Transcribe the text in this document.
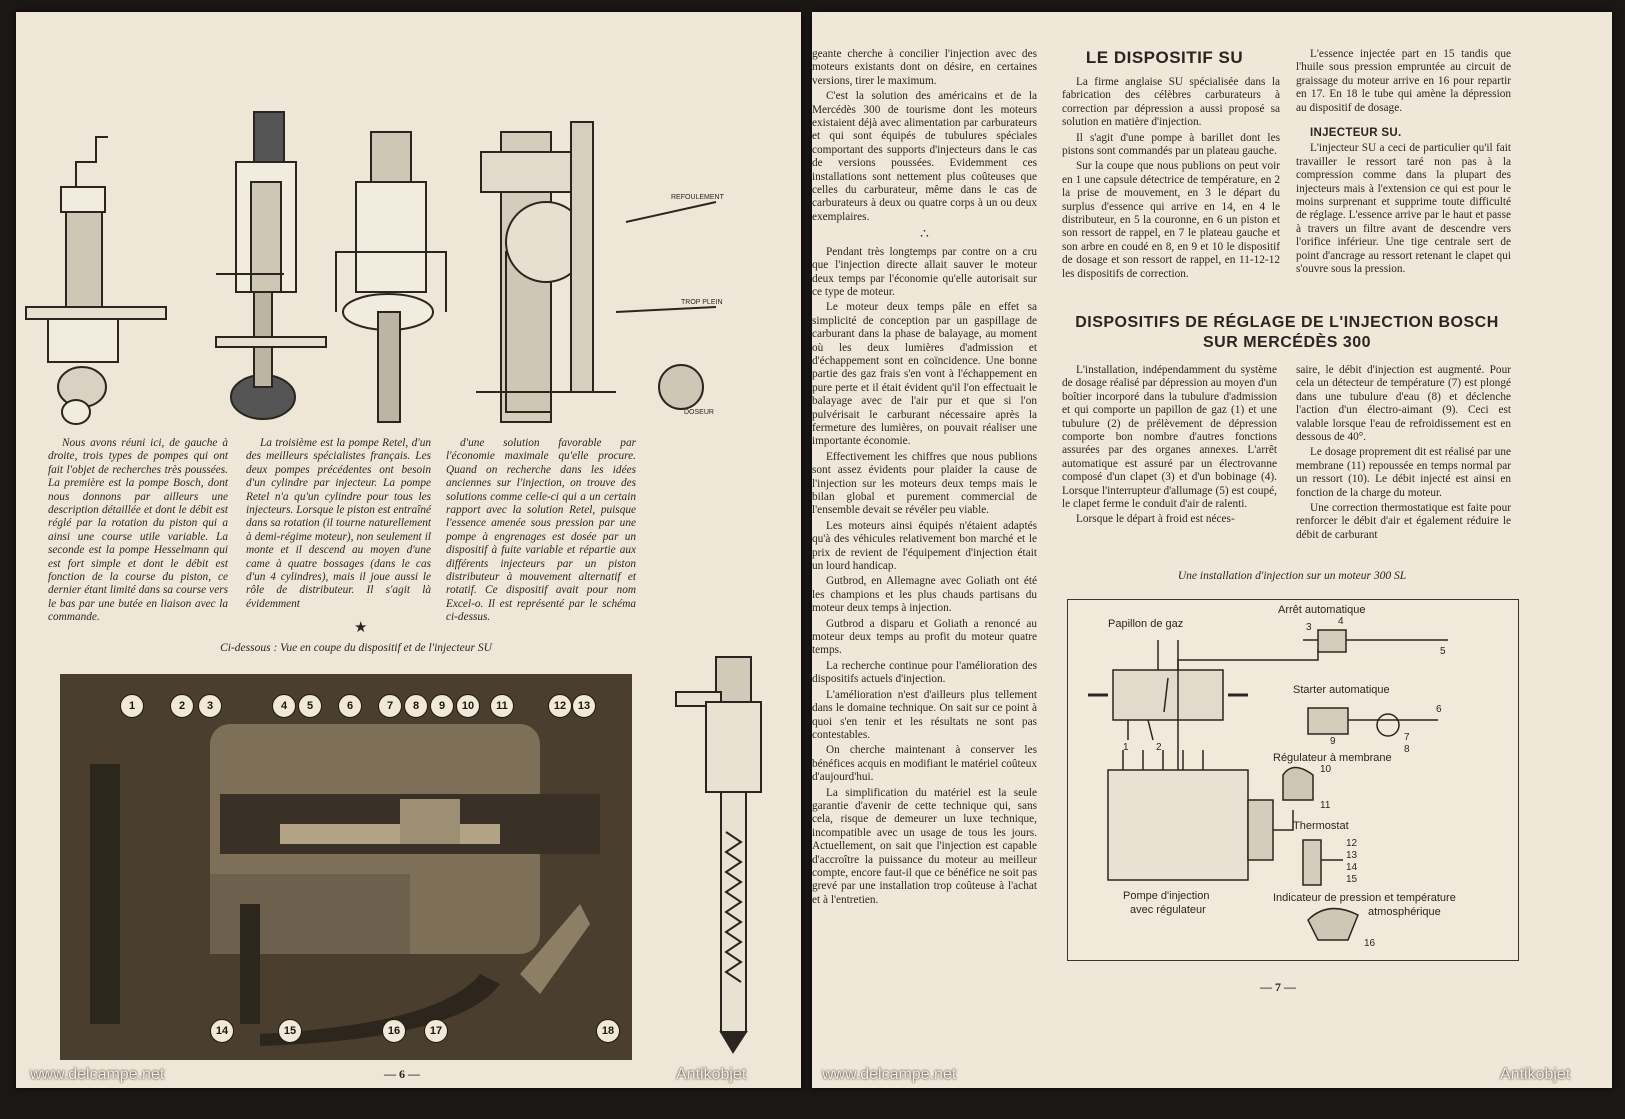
REFOULEMENT
TROP PLEIN
DOSEUR

Nous avons réuni ici, de gauche à droite, trois types de pompes qui ont fait l'objet de recherches très poussées. La première est la pompe Bosch, dont nous donnons par ailleurs une description détaillée et dont le débit est réglé par la rotation du piston qui a ainsi une course utile variable. La seconde est la pompe Hesselmann qui est fort simple et dont le débit est fonction de la course du piston, ce dernier étant limité dans sa course vers le bas par une butée en liaison avec la commande.

La troisième est la pompe Retel, d'un des meilleurs spécialistes français. Les deux pompes précédentes ont besoin d'un cylindre par injecteur. La pompe Retel n'a qu'un cylindre pour tous les injecteurs. Lorsque le piston est entraîné dans sa rotation (il tourne naturellement à demi-régime moteur), non seulement il monte et il descend au moyen d'une came à quatre bossages (dans le cas d'un 4 cylindres), mais il joue aussi le rôle de distributeur. Il s'agit là évidemment

d'une solution favorable par l'économie maximale qu'elle procure. Quand on recherche dans les idées anciennes sur l'injection, on trouve des solutions comme celle-ci qui a un certain rapport avec la solution Retel, puisque l'essence amenée sous pression par une pompe à engrenages est dosée par un dispositif à fuite variable et répartie aux différents injecteurs par un piston distributeur à mouvement alternatif et rotatif. Ce dispositif avait pour nom Excel-o. Il est représenté par le schéma ci-dessus.

★
Ci-dessous : Vue en coupe du dispositif et de l'injecteur SU
1	2	3	4	5	6	7	8	9	10	11	12	13
14	15	16	17	18
— 6 —
www.delcampe.net	Antikobjet

geante cherche à concilier l'injection avec des moteurs existants dont on désire, en certaines versions, tirer le maximum.

C'est la solution des américains et de la Mercédès 300 de tourisme dont les moteurs existaient déjà avec alimentation par carburateurs et qui sont équipés de tubulures spéciales comportant des supports d'injecteurs dans le cas de versions poussées. Evidemment ces installations sont nettement plus coûteuses que celles du carburateur, même dans le cas de carburateurs à deux ou quatre corps à un ou deux exemplaires.

∴

Pendant très longtemps par contre on a cru que l'injection directe allait sauver le moteur deux temps par l'économie qu'elle autorisait sur ce type de moteur.

Le moteur deux temps pâle en effet sa simplicité de conception par un gaspillage de carburant dans la phase de balayage, au moment où les deux lumières d'admission et d'échappement sont en coïncidence. Une bonne partie des gaz frais s'en vont à l'échappement en pure perte et il était évident qu'il l'on effectuait le balayage avec de l'air pur et que si l'on pulvérisait le carburant nécessaire après la fermeture des lumières, on pouvait réaliser une importante économie.

Effectivement les chiffres que nous publions sont assez évidents pour plaider la cause de l'injection sur les moteurs deux temps mais le bilan global et purement commercial de l'ensemble devait se révéler peu viable.

Les moteurs ainsi équipés n'étaient adaptés qu'à des véhicules relativement bon marché et le prix de revient de l'équipement d'injection était un lourd handicap.

Gutbrod, en Allemagne avec Goliath ont été les champions et les plus chauds partisans du moteur deux temps à injection.

Gutbrod a disparu et Goliath a renoncé au moteur deux temps au profit du moteur quatre temps.

La recherche continue pour l'amélioration des dispositifs actuels d'injection.

L'amélioration n'est d'ailleurs plus tellement dans le domaine technique. On sait sur ce point à quoi s'en tenir et les résultats ne sont pas contestables.

On cherche maintenant à conserver les bénéfices acquis en modifiant le matériel coûteux d'aujourd'hui.

La simplification du matériel est la seule garantie d'avenir de cette technique qui, sans cela, risque de demeurer un luxe technique, incompatible avec un usage de tous les jours. Actuellement, on sait que l'injection est capable d'accroître la puissance du moteur au meilleur compte, encore faut-il que ce bénéfice ne soit pas grevé par une installation trop coûteuse à l'achat et à l'entretien.

LE DISPOSITIF SU

La firme anglaise SU spécialisée dans la fabrication des célèbres carburateurs à correction par dépression a aussi proposé sa solution en matière d'injection.

Il s'agit d'une pompe à barillet dont les pistons sont commandés par un plateau gauche.

Sur la coupe que nous publions on peut voir en 1 une capsule détectrice de température, en 2 la prise de mouvement, en 3 le départ du surplus d'essence qui arrive en 14, en 4 le distributeur, en 5 la couronne, en 6 un piston et son ressort de rappel, en 7 le plateau gauche et son arbre en coudé en 8, en 9 et 10 le dispositif de dosage et son ressort de rappel, en 11-12-12 les dispositifs de correction.

L'essence injectée part en 15 tandis que l'huile sous pression empruntée au circuit de graissage du moteur arrive en 16 pour repartir en 17. En 18 le tube qui amène la dépression au dispositif de dosage.

INJECTEUR SU.

L'injecteur SU a ceci de particulier qu'il fait travailler le ressort taré non pas à la compression comme dans la plupart des injecteurs mais à l'extension ce qui est pour le moins surprenant et supprime toute difficulté de réglage. L'essence arrive par le haut et passe à travers un filtre avant de descendre vers l'orifice inférieur. Une tige centrale sert de point d'ancrage au ressort retenant le clapet qui s'ouvre sous la pression.

DISPOSITIFS DE RÉGLAGE DE L'INJECTION BOSCH
SUR MERCÉDÈS 300

L'installation, indépendamment du système de dosage réalisé par dépression au moyen d'un boîtier incorporé dans la tubulure d'admission et qui comporte un papillon de gaz (1) et une tubulure (2) de prélèvement de dépression comporte bon nombre d'autres fonctions assurées par des organes annexes. L'arrêt automatique est assuré par un électrovanne composé d'un clapet (3) et d'un bobinage (4). Lorsque l'interrupteur d'allumage (5) est coupé, le clapet ferme le conduit d'air de ralenti.

Lorsque le départ à froid est néces-

saire, le débit d'injection est augmenté. Pour cela un détecteur de température (7) est plongé dans une tubulure d'eau (8) et déclenche l'action d'un électro-aimant (9). Ceci est valable lorsque l'eau de refroidissement est en dessous de 40°.

Le dosage proprement dit est réalisé par une membrane (11) repoussée en temps normal par un ressort (10). Le débit injecté est ainsi en fonction de la charge du moteur.

Une correction thermostatique est faite pour renforcer le débit d'air et également réduire le débit de carburant

Une installation d'injection sur un moteur 300 SL
Papillon de gaz
Arrêt automatique
Starter automatique
Régulateur à membrane
Thermostat
Pompe d'injection
avec régulateur
Indicateur de pression et température
atmosphérique
1	2
3
4
5
6
7
8
9
10
11
12
13
14
15
16
— 7 —
www.delcampe.net	Antikobjet
